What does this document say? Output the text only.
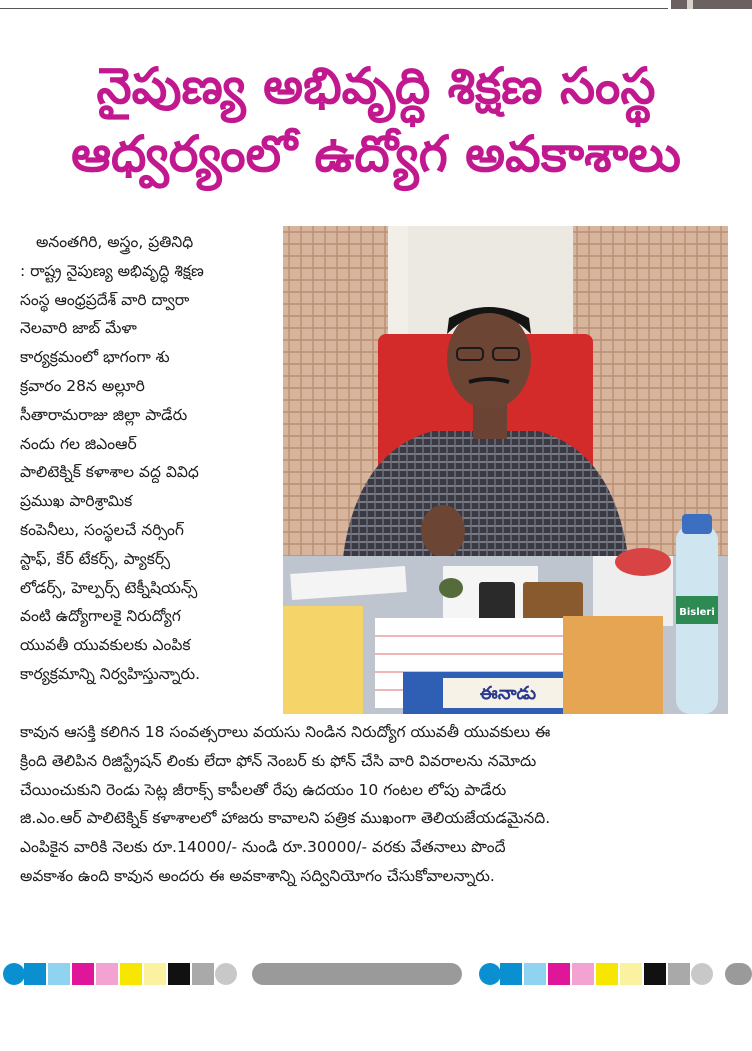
నైపుణ్య అభివృద్ధి శిక్షణ సంస్థ
ఆధ్వర్యంలో ఉద్యోగ అవకాశాలు
అనంతగిరి, అస్త్రం, ప్రతినిధి
: రాష్ట్ర నైపుణ్య అభివృద్ధి శిక్షణ
సంస్థ ఆంధ్రప్రదేశ్ వారి ద్వారా
నెలవారి జాబ్ మేళా
కార్యక్రమంలో భాగంగా శు
క్రవారం 28న అల్లూరి
సీతారామరాజు జిల్లా పాడేరు
నందు గల జిఎంఆర్
పాలిటెక్నిక్ కళాశాల వద్ద వివిధ
ప్రముఖ పారిశ్రామిక
కంపెనీలు, సంస్థలచే నర్సింగ్
స్టాఫ్, కేర్ టేకర్స్, ప్యాకర్స్
లోడర్స్, హెల్పర్స్ టెక్నీషియన్స్
వంటి ఉద్యోగాలకై నిరుద్యోగ
యువతీ యువకులకు ఎంపిక
కార్యక్రమాన్ని నిర్వహిస్తున్నారు.
ఈనాడు
Bisleri
కావున ఆసక్తి కలిగిన 18 సంవత్సరాలు వయసు నిండిన నిరుద్యోగ యువతీ యువకులు ఈ
క్రింది తెలిపిన రిజిస్ట్రేషన్ లింకు లేదా ఫోన్ నెంబర్ కు ఫోన్ చేసి వారి వివరాలను నమోదు
చేయించుకుని రెండు సెట్ల జీరాక్స్ కాపీలతో రేపు ఉదయం 10 గంటల లోపు పాడేరు
జి.ఎం.ఆర్ పాలిటెక్నిక్ కళాశాలలో హాజరు కావాలని పత్రిక ముఖంగా తెలియజేయడమైనది.
ఎంపికైన వారికి నెలకు రూ.14000/- నుండి రూ.30000/- వరకు వేతనాలు పొందే
అవకాశం ఉంది కావున అందరు ఈ అవకాశాన్ని సద్వినియోగం చేసుకోవాలన్నారు.
